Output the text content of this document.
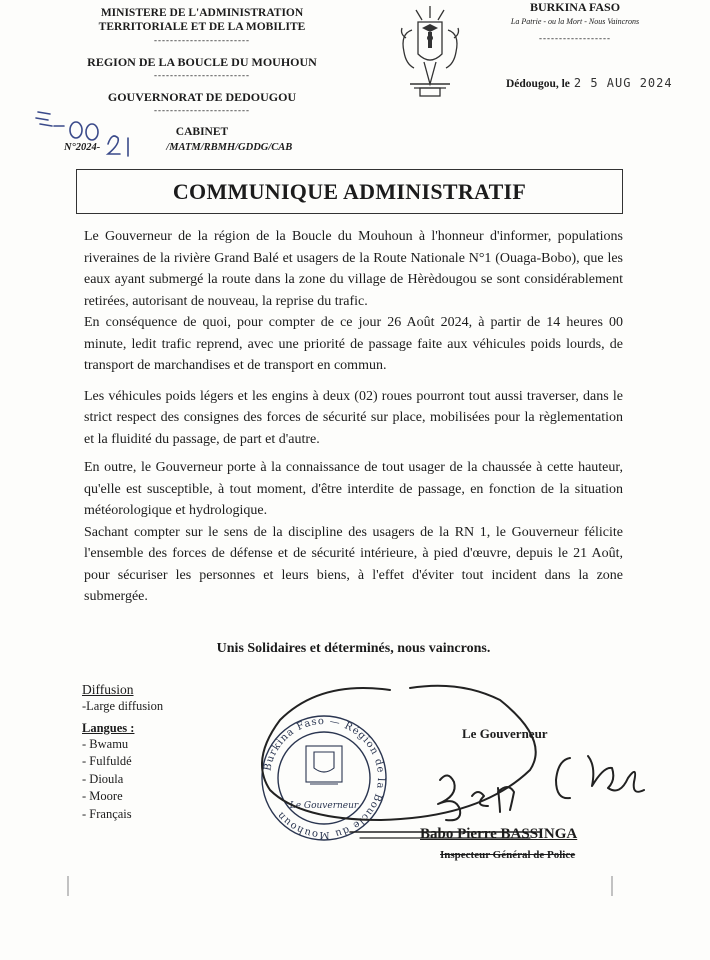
MINISTERE DE L'ADMINISTRATION
TERRITORIALE ET DE LA MOBILITE
------------------------
REGION DE LA BOUCLE DU MOUHOUN
------------------------
GOUVERNORAT DE DEDOUGOU
------------------------
CABINET
BURKINA FASO
La Patrie - ou la Mort - Nous Vaincrons
------------------
Dédougou, le 2 5 AUG 2024
N°2024-	/MATM/RBMH/GDDG/CAB
COMMUNIQUE ADMINISTRATIF

Le Gouverneur de la région de la Boucle du Mouhoun à l'honneur d'informer, populations riveraines de la rivière Grand Balé et usagers de la Route Nationale N°1 (Ouaga-Bobo), que les eaux ayant submergé la route dans la zone du village de Hèrèdougou se sont considérablement retirées, autorisant de nouveau, la reprise du trafic.

En conséquence de quoi, pour compter de ce jour 26 Août 2024, à partir de 14 heures 00 minute, ledit trafic reprend, avec une priorité de passage faite aux véhicules poids lourds, de transport de marchandises et de transport en commun.

Les véhicules poids légers et les engins à deux (02) roues pourront tout aussi traverser, dans le strict respect des consignes des forces de sécurité sur place, mobilisées pour la règlementation et la fluidité du passage, de part et d'autre.

En outre, le Gouverneur porte à la connaissance de tout usager de la chaussée à cette hauteur, qu'elle est susceptible, à tout moment, d'être interdite de passage, en fonction de la situation météorologique et hydrologique.

Sachant compter sur le sens de la discipline des usagers de la RN 1, le Gouverneur félicite l'ensemble des forces de défense et de sécurité intérieure, à pied d'œuvre, depuis le 21 Août, pour sécuriser les personnes et leurs biens, à l'effet d'éviter tout incident dans la zone submergée.

Unis Solidaires et déterminés, nous vaincrons.
Diffusion
-Large diffusion
Langues :
- Bwamu
- Fulfuldé
- Dioula
- Moore
- Français
Burkina Faso — Région de la Boucle du Mouhoun
Le Gouverneur
Le Gouverneur
Babo Pierre BASSINGA
Inspecteur Général de Police
